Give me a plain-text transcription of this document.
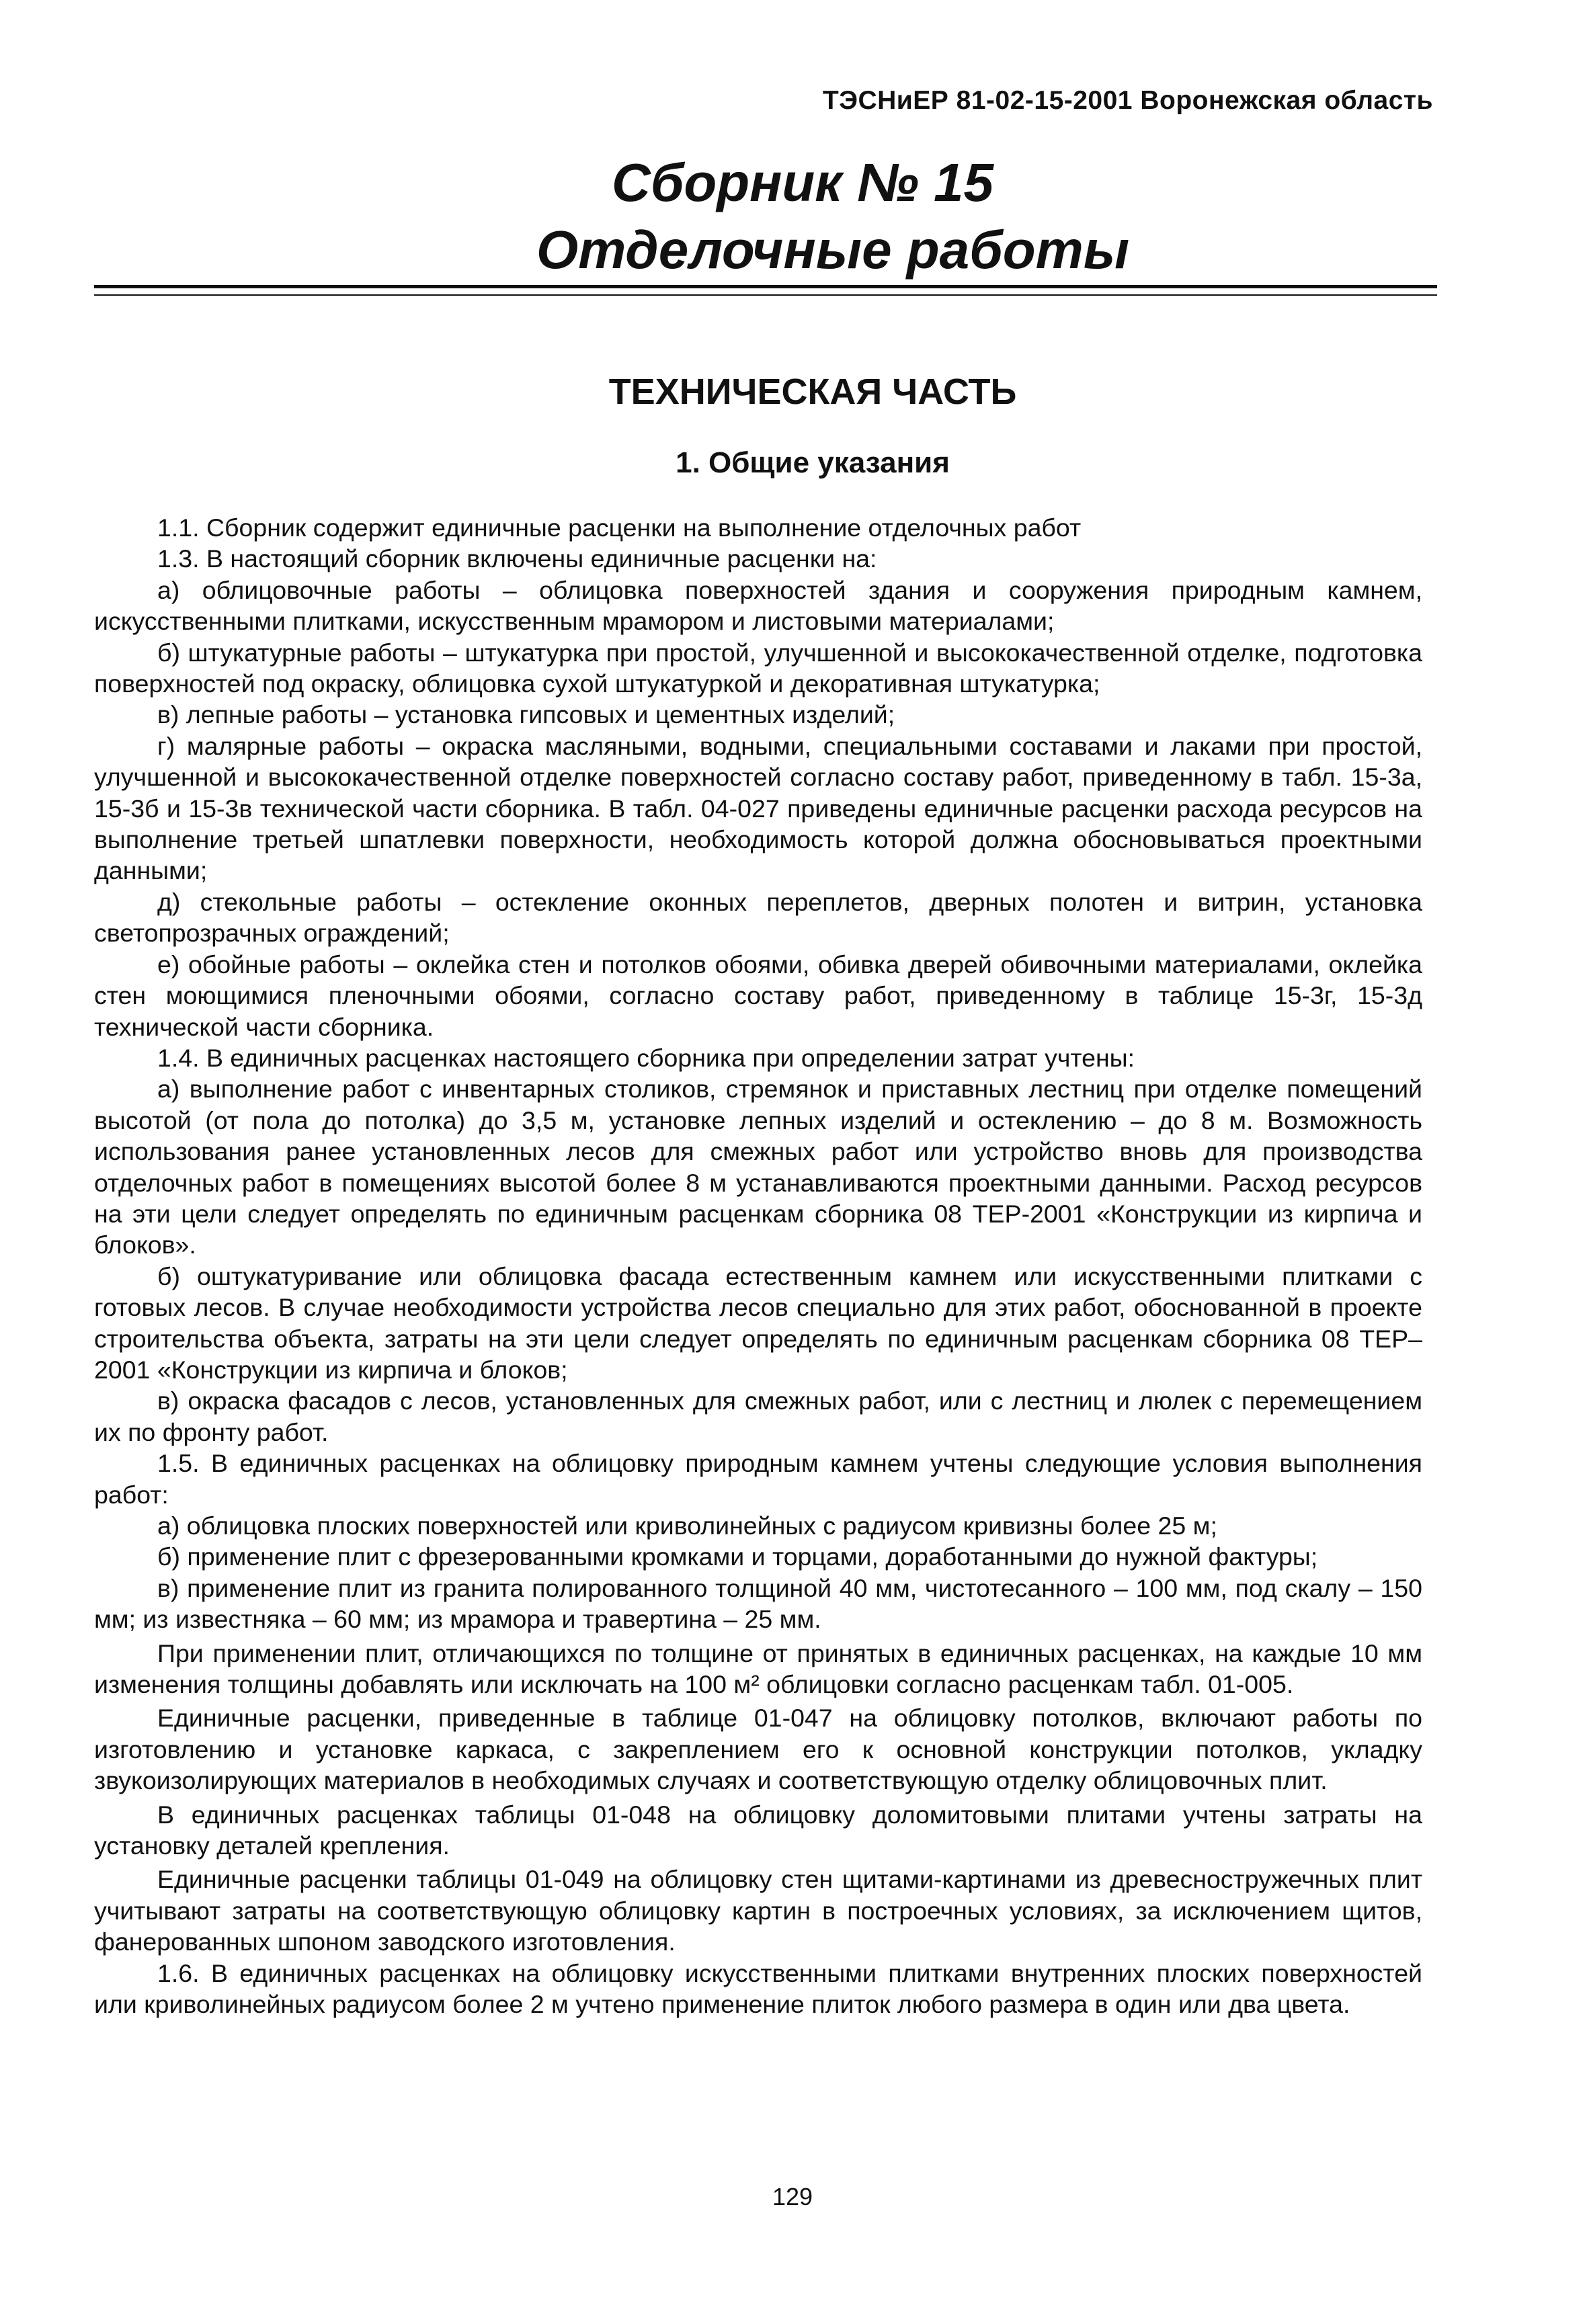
ТЭСНиЕР 81-02-15-2001 Воронежская область
Сборник № 15
Отделочные работы
ТЕХНИЧЕСКАЯ ЧАСТЬ
1. Общие указания

1.1. Сборник содержит единичные расценки на выполнение отделочных работ

1.3. В настоящий сборник включены единичные расценки на:

а) облицовочные работы – облицовка поверхностей здания и сооружения природным камнем, искусственными плитками, искусственным мрамором и листовыми материалами;

б) штукатурные работы – штукатурка при простой, улучшенной и высококачественной отделке, подготовка поверхностей под окраску, облицовка сухой штукатуркой и декоративная штукатурка;

в) лепные работы – установка гипсовых и цементных изделий;

г) малярные работы – окраска масляными, водными, специальными составами и лаками при простой, улучшенной и высококачественной отделке поверхностей согласно составу работ, приведенному в табл. 15-3а, 15-3б и 15-3в технической части сборника. В табл. 04-027 приведены единичные расценки расхода ресурсов на выполнение третьей шпатлевки поверхности, необходимость которой должна обосновываться проектными данными;

д) стекольные работы – остекление оконных переплетов, дверных полотен и витрин, установка светопрозрачных ограждений;

е) обойные работы – оклейка стен и потолков обоями, обивка дверей обивочными материалами, оклейка стен моющимися пленочными обоями, согласно составу работ, приведенному в таблице 15-3г, 15-3д технической части сборника.

1.4. В единичных расценках настоящего сборника при определении затрат учтены:

а) выполнение работ с инвентарных столиков, стремянок и приставных лестниц при отделке помещений высотой (от пола до потолка) до 3,5 м, установке лепных изделий и остеклению – до 8 м. Возможность использования ранее установленных лесов для смежных работ или устройство вновь для производства отделочных работ в помещениях высотой более 8 м устанавливаются проектными данными. Расход ресурсов на эти цели следует определять по единичным расценкам сборника 08 ТЕР-2001 «Конструкции из кирпича и блоков».

б) оштукатуривание или облицовка фасада естественным камнем или искусственными плитками с готовых лесов. В случае необходимости устройства лесов специально для этих работ, обоснованной в проекте строительства объекта, затраты на эти цели следует определять по единичным расценкам сборника 08 ТЕР–2001 «Конструкции из кирпича и блоков;

в) окраска фасадов с лесов, установленных для смежных работ, или с лестниц и люлек с перемещением их по фронту работ.

1.5. В единичных расценках на облицовку природным камнем учтены следующие условия выполнения работ:

а) облицовка плоских поверхностей или криволинейных с радиусом кривизны более 25 м;

б) применение плит с фрезерованными кромками и торцами, доработанными до нужной фактуры;

в) применение плит из гранита полированного толщиной 40 мм, чистотесанного – 100 мм, под скалу – 150 мм; из известняка – 60 мм; из мрамора и травертина – 25 мм.

При применении плит, отличающихся по толщине от принятых в единичных расценках, на каждые 10 мм изменения толщины добавлять или исключать на 100 м² облицовки согласно расценкам табл. 01-005.

Единичные расценки, приведенные в таблице 01-047 на облицовку потолков, включают работы по изготовлению и установке каркаса, с закреплением его к основной конструкции потолков, укладку звукоизолирующих материалов в необходимых случаях и соответствующую отделку облицовочных плит.

В единичных расценках таблицы 01-048 на облицовку доломитовыми плитами учтены затраты на установку деталей крепления.

Единичные расценки таблицы 01-049 на облицовку стен щитами-картинами из древесностружечных плит учитывают затраты на соответствующую облицовку картин в построечных условиях, за исключением щитов, фанерованных шпоном заводского изготовления.

1.6. В единичных расценках на облицовку искусственными плитками внутренних плоских поверхностей или криволинейных радиусом более 2 м учтено применение плиток любого размера в один или два цвета.

129
